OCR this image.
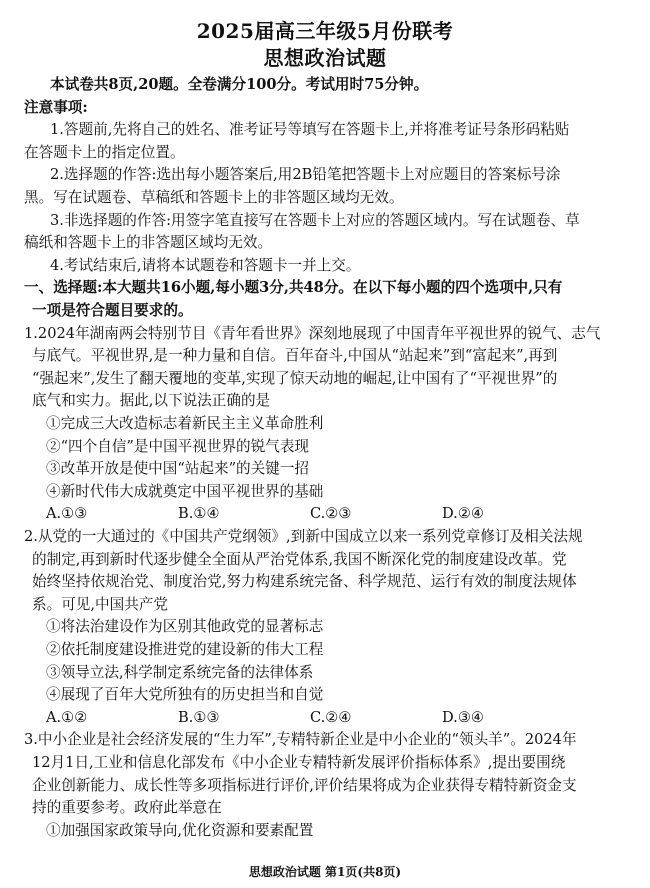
2025届高三年级5月份联考
思想政治试题
本试卷共8页,20题。全卷满分100分。考试用时75分钟。
注意事项:
1.答题前,先将自己的姓名、准考证号等填写在答题卡上,并将准考证号条形码粘贴
在答题卡上的指定位置。
2.选择题的作答:选出每小题答案后,用2B铅笔把答题卡上对应题目的答案标号涂
黑。写在试题卷、草稿纸和答题卡上的非答题区域均无效。
3.非选择题的作答:用签字笔直接写在答题卡上对应的答题区域内。写在试题卷、草
稿纸和答题卡上的非答题区域均无效。
4.考试结束后,请将本试题卷和答题卡一并上交。
一、选择题:本大题共16小题,每小题3分,共48分。在以下每小题的四个选项中,只有
一项是符合题目要求的。
1.2024年湖南两会特别节目《青年看世界》深刻地展现了中国青年平视世界的锐气、志气
与底气。平视世界,是一种力量和自信。百年奋斗,中国从“站起来”到“富起来”,再到
“强起来”,发生了翻天覆地的变革,实现了惊天动地的崛起,让中国有了“平视世界”的
底气和实力。据此,以下说法正确的是
①完成三大改造标志着新民主主义革命胜利
②“四个自信”是中国平视世界的锐气表现
③改革开放是使中国“站起来”的关键一招
④新时代伟大成就奠定中国平视世界的基础
A.①③	B.①④	C.②③	D.②④
2.从党的一大通过的《中国共产党纲领》,到新中国成立以来一系列党章修订及相关法规
的制定,再到新时代逐步健全全面从严治党体系,我国不断深化党的制度建设改革。党
始终坚持依规治党、制度治党,努力构建系统完备、科学规范、运行有效的制度法规体
系。可见,中国共产党
①将法治建设作为区别其他政党的显著标志
②依托制度建设推进党的建设新的伟大工程
③领导立法,科学制定系统完备的法律体系
④展现了百年大党所独有的历史担当和自觉
A.①②	B.①③	C.②④	D.③④
思想政治试题 第1页(共8页)
3.中小企业是社会经济发展的“生力军”,专精特新企业是中小企业的“领头羊”。2024年
12月1日,工业和信息化部发布《中小企业专精特新发展评价指标体系》,提出要围绕
企业创新能力、成长性等多项指标进行评价,评价结果将成为企业获得专精特新资金支
持的重要参考。政府此举意在
①加强国家政策导向,优化资源和要素配置
